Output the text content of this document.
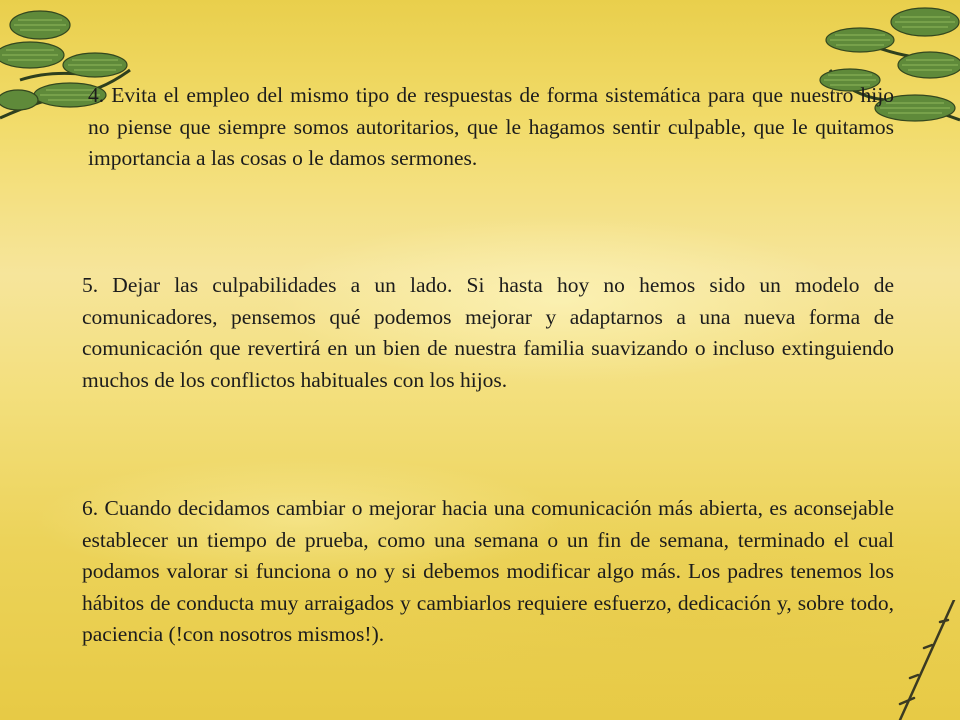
4. Evita el empleo del mismo tipo de respuestas de forma sistemática para que nuestro hijo no piense que siempre somos autoritarios, que le hagamos sentir culpable, que le quitamos importancia a las cosas o le damos sermones.

5. Dejar las culpabilidades a un lado. Si hasta hoy no hemos sido un modelo de comunicadores, pensemos qué podemos mejorar y adaptarnos a una nueva forma de comunicación que revertirá en un bien de nuestra familia suavizando o incluso extinguiendo muchos de los conflictos habituales con los hijos.

6. Cuando decidamos cambiar o mejorar hacia una comunicación más abierta, es aconsejable establecer un tiempo de prueba, como una semana o un fin de semana, terminado el cual podamos valorar si funciona o no y si debemos modificar algo más. Los padres tenemos los hábitos de conducta muy arraigados y cambiarlos requiere esfuerzo, dedicación y, sobre todo, paciencia (!con nosotros mismos!).
